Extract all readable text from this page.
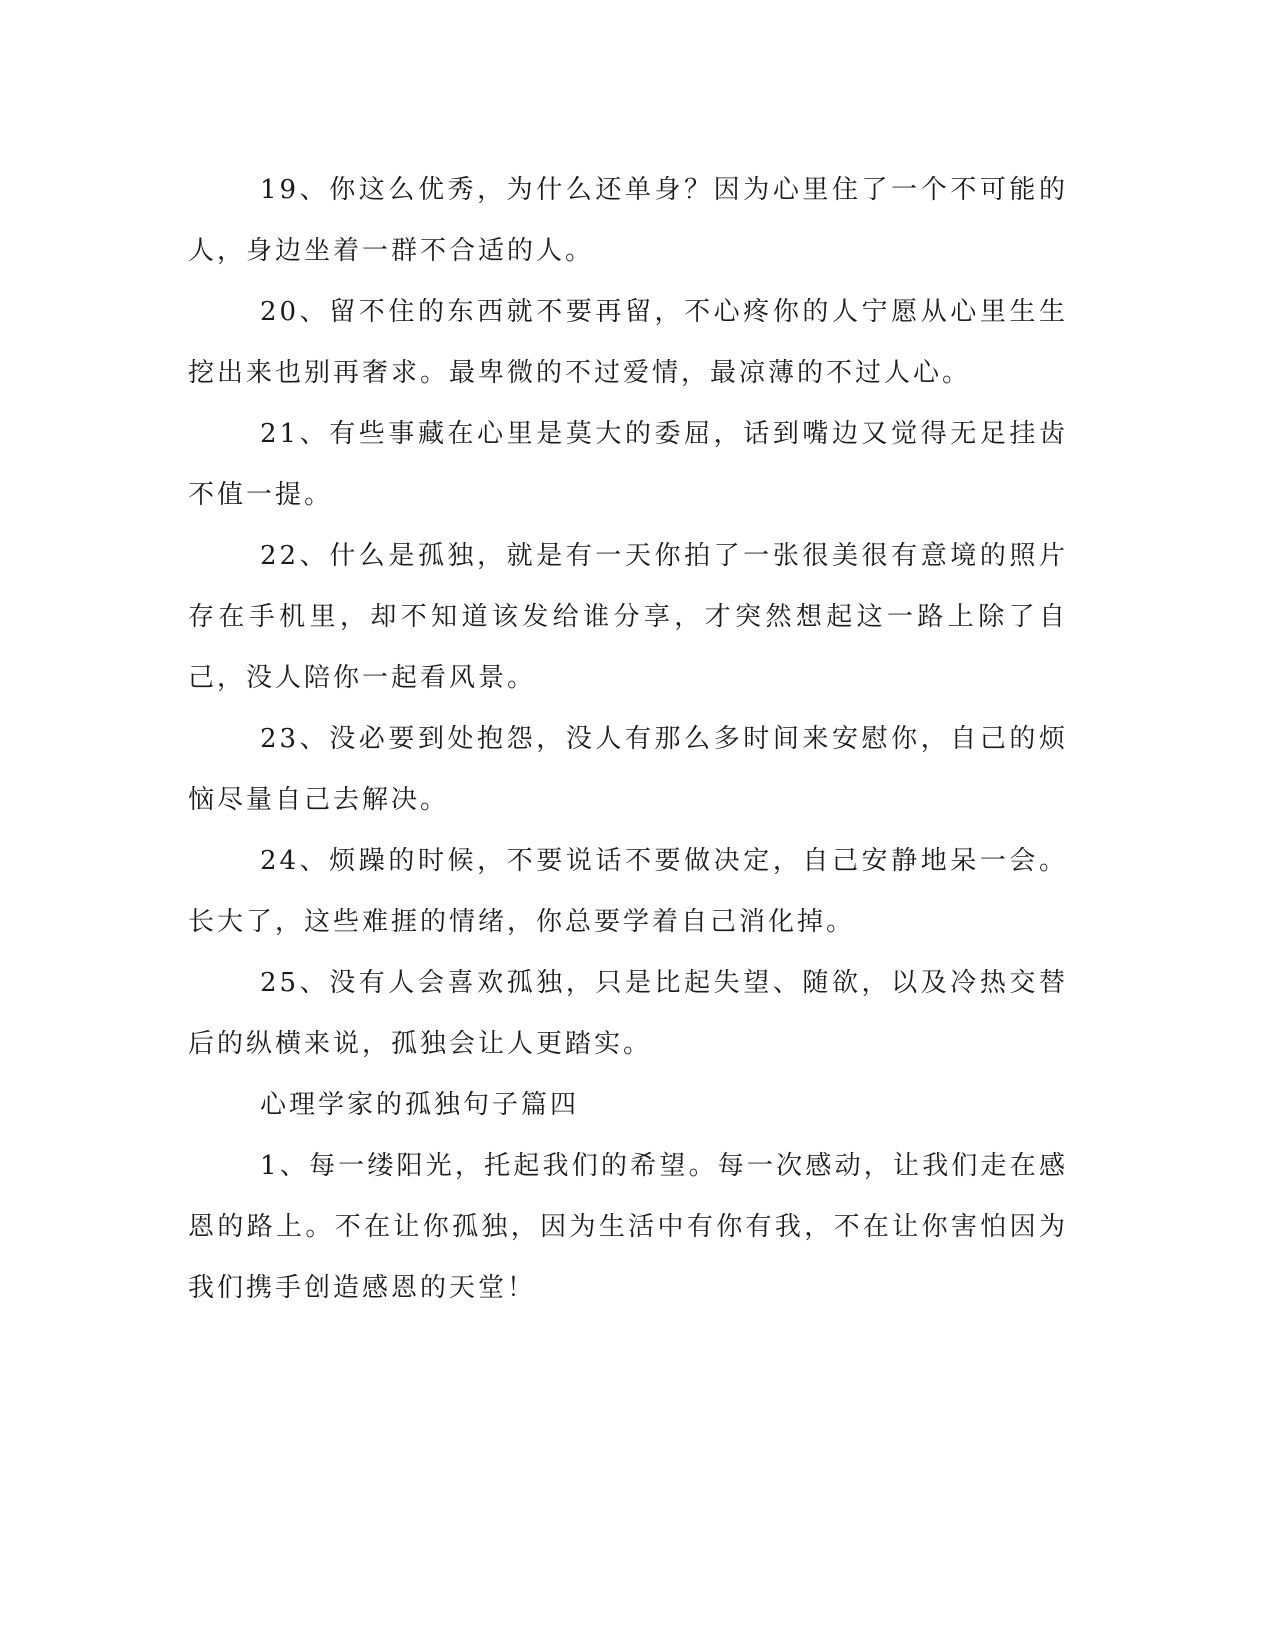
19、你这么优秀，为什么还单身？因为心里住了一个不可能的人，身边坐着一群不合适的人。

20、留不住的东西就不要再留，不心疼你的人宁愿从心里生生挖出来也别再奢求。最卑微的不过爱情，最凉薄的不过人心。

21、有些事藏在心里是莫大的委屈，话到嘴边又觉得无足挂齿不值一提。

22、什么是孤独，就是有一天你拍了一张很美很有意境的照片存在手机里，却不知道该发给谁分享，才突然想起这一路上除了自己，没人陪你一起看风景。

23、没必要到处抱怨，没人有那么多时间来安慰你，自己的烦恼尽量自己去解决。

24、烦躁的时候，不要说话不要做决定，自己安静地呆一会。长大了，这些难捱的情绪，你总要学着自己消化掉。

25、没有人会喜欢孤独，只是比起失望、随欲，以及冷热交替后的纵横来说，孤独会让人更踏实。

心理学家的孤独句子篇四

1、每一缕阳光，托起我们的希望。每一次感动，让我们走在感恩的路上。不在让你孤独，因为生活中有你有我，不在让你害怕因为我们携手创造感恩的天堂！
